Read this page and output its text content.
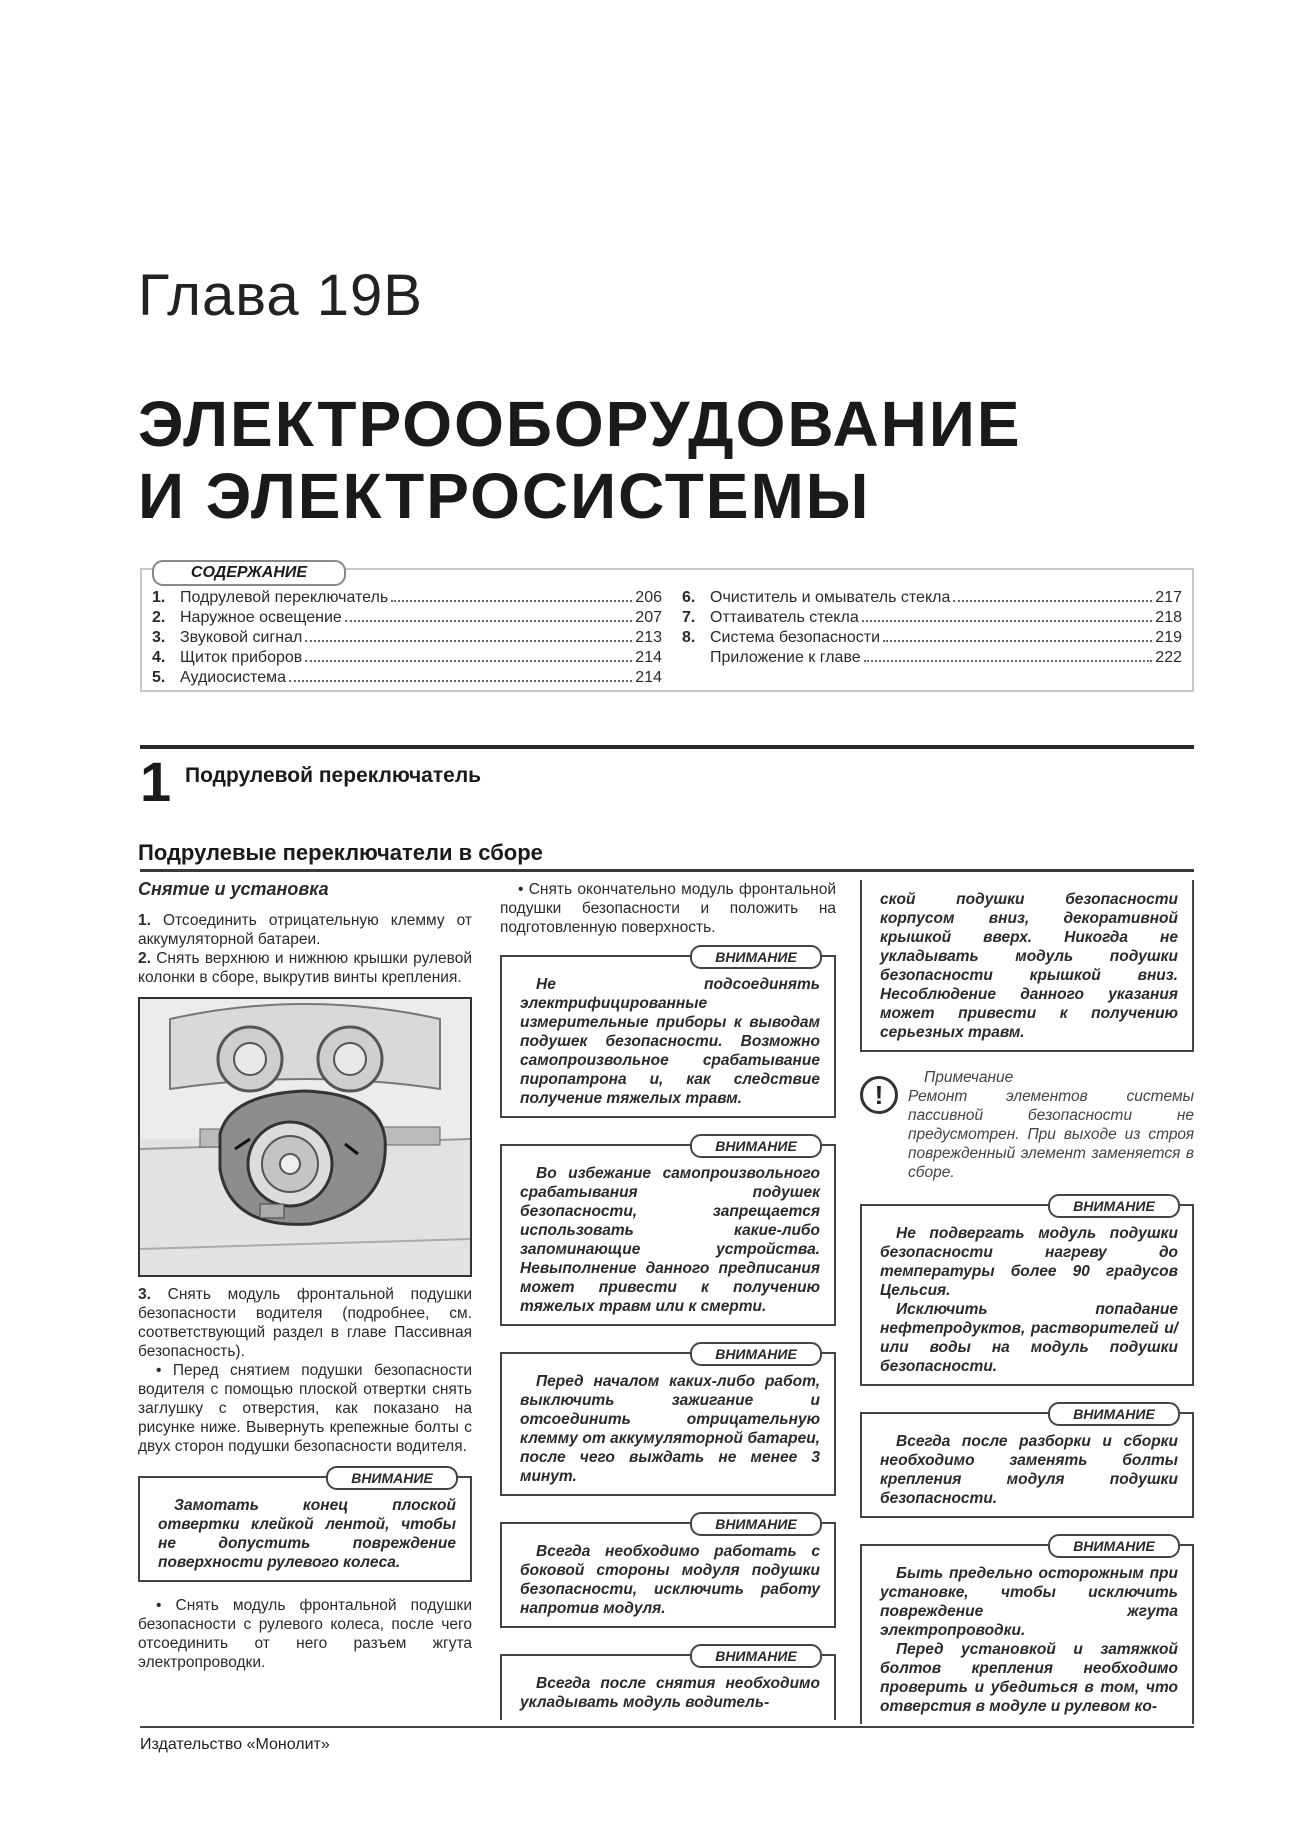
Глава 19В
ЭЛЕКТРООБОРУДОВАНИЕ
И ЭЛЕКТРОСИСТЕМЫ
СОДЕРЖАНИЕ
1. Подрулевой переключатель	206
2. Наружное освещение	207
3. Звуковой сигнал	213
4. Щиток приборов	214
5. Аудиосистема	214
6. Очиститель и омыватель стекла	217
7. Оттаиватель стекла	218
8. Система безопасности	219
Приложение к главе	222
1 Подрулевой переключатель
Подрулевые переключатели в сборе
Снятие и установка

1. Отсоединить отрицательную клемму от аккумуляторной батареи.

2. Снять верхнюю и нижнюю крышки рулевой колонки в сборе, выкрутив винты крепления.

3. Снять модуль фронтальной подушки безопасности водителя (подробнее, см. соответствующий раздел в главе Пассивная безопасность).

• Перед снятием подушки безопасности водителя с помощью плоской отвертки снять заглушку с отверстия, как показано на рисунке ниже. Вывернуть крепежные болты с двух сторон подушки безопасности водителя.

ВНИМАНИЕ

Замотать конец плоской отвертки клейкой лентой, чтобы не допустить повреждение поверхности рулевого колеса.

• Снять модуль фронтальной подушки безопасности с рулевого колеса, после чего отсоединить от него разъем жгута электропроводки.

• Снять окончательно модуль фронтальной подушки безопасности и положить на подготовленную поверхность.

ВНИМАНИЕ

Не подсоединять электрифицированные измерительные приборы к выводам подушек безопасности. Возможно самопроизвольное срабатывание пиропатрона и, как следствие получение тяжелых травм.

ВНИМАНИЕ

Во избежание самопроизвольного срабатывания подушек безопасности, запрещается использовать какие-либо запоминающие устройства. Невыполнение данного предписания может привести к получению тяжелых травм или к смерти.

ВНИМАНИЕ

Перед началом каких-либо работ, выключить зажигание и отсоединить отрицательную клемму от аккумуляторной батареи, после чего выждать не менее 3 минут.

ВНИМАНИЕ

Всегда необходимо работать с боковой стороны модуля подушки безопасности, исключить работу напротив модуля.

ВНИМАНИЕ

Всегда после снятия необходимо укладывать модуль водитель-

ской подушки безопасности корпусом вниз, декоративной крышкой вверх. Никогда не укладывать модуль подушки безопасности крышкой вниз. Несоблюдение данного указания может привести к получению серьезных травм.

!
Примечание
Ремонт элементов системы пассивной безопасности не предусмотрен. При выходе из строя поврежденный элемент заменяется в сборе.
ВНИМАНИЕ

Не подвергать модуль подушки безопасности нагреву до температуры более 90 градусов Цельсия.

Исключить попадание нефтепродуктов, растворителей и/или воды на модуль подушки безопасности.

ВНИМАНИЕ

Всегда после разборки и сборки необходимо заменять болты крепления модуля подушки безопасности.

ВНИМАНИЕ

Быть предельно осторожным при установке, чтобы исключить повреждение жгута электропроводки.

Перед установкой и затяжкой болтов крепления необходимо проверить и убедиться в том, что отверстия в модуле и рулевом ко-

Издательство «Монолит»
